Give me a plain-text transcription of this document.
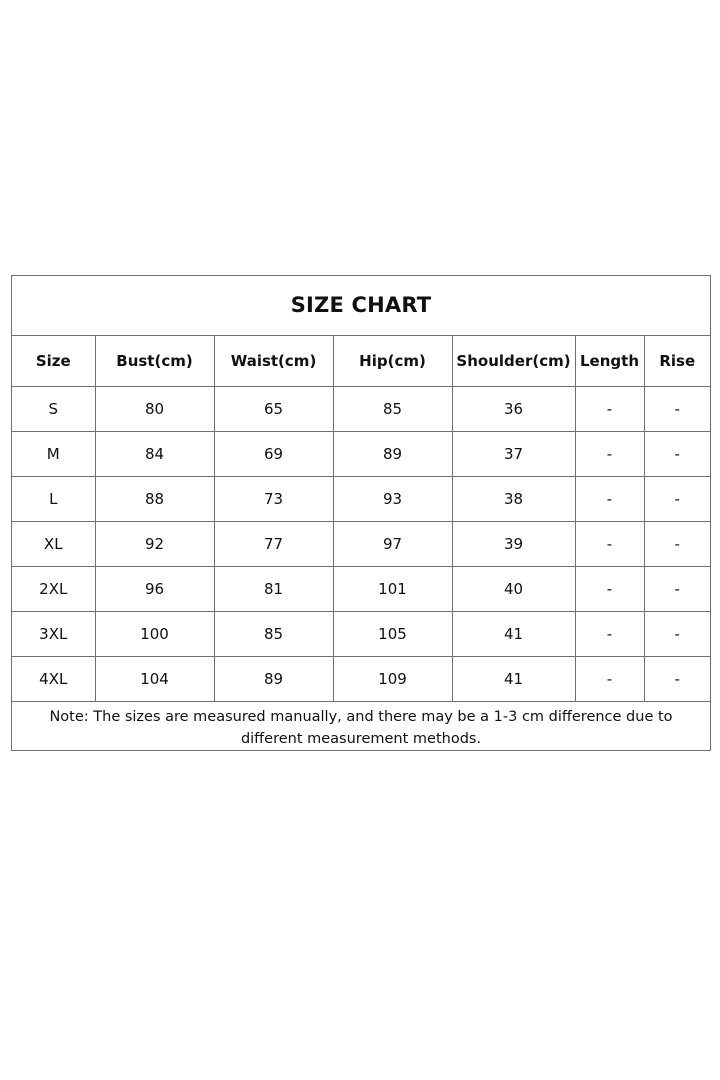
SIZE CHART
Size	Bust(cm)	Waist(cm)	Hip(cm)	Shoulder(cm)	Length	Rise
S	80	65	85	36	-	-
M	84	69	89	37	-	-
L	88	73	93	38	-	-
XL	92	77	97	39	-	-
2XL	96	81	101	40	-	-
3XL	100	85	105	41	-	-
4XL	104	89	109	41	-	-
Note: The sizes are measured manually, and there may be a 1-3 cm difference due to different measurement methods.
